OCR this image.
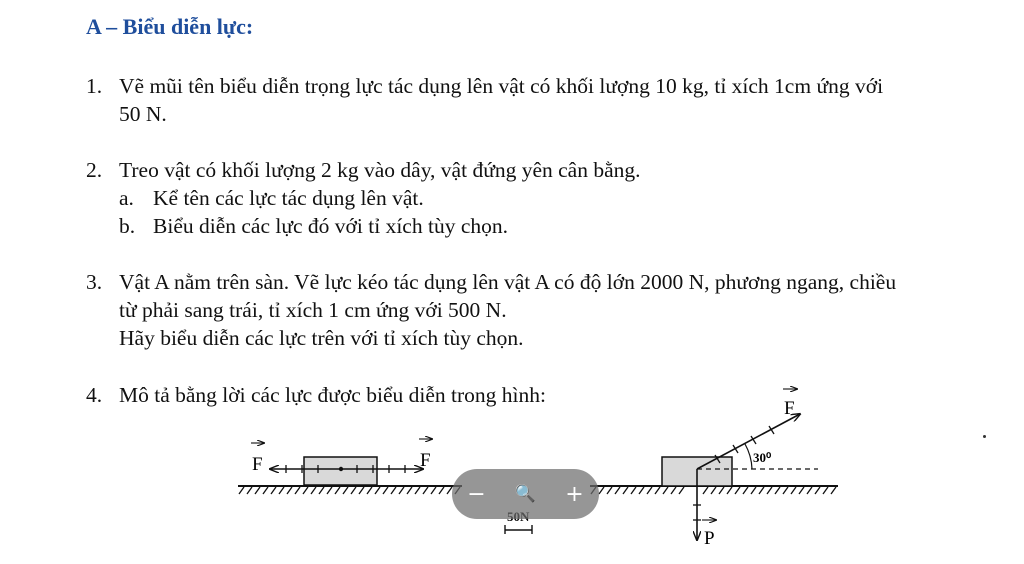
A – Biểu diễn lực:
1. Vẽ mũi tên biểu diễn trọng lực tác dụng lên vật có khối lượng 10 kg, tỉ xích 1cm ứng với
50 N.
2. Treo vật có khối lượng 2 kg vào dây, vật đứng yên cân bằng.
a. Kể tên các lực tác dụng lên vật.
b. Biểu diễn các lực đó với tỉ xích tùy chọn.
3. Vật A nằm trên sàn. Vẽ lực kéo tác dụng lên vật A có độ lớn 2000 N, phương ngang, chiều
từ phải sang trái, tỉ xích 1 cm ứng với 500 N.
Hãy biểu diễn các lực trên với tỉ xích tùy chọn.
4. Mô tả bằng lời các lực được biểu diễn trong hình:
F	F	30⁰
P
F
−	🔍	+
